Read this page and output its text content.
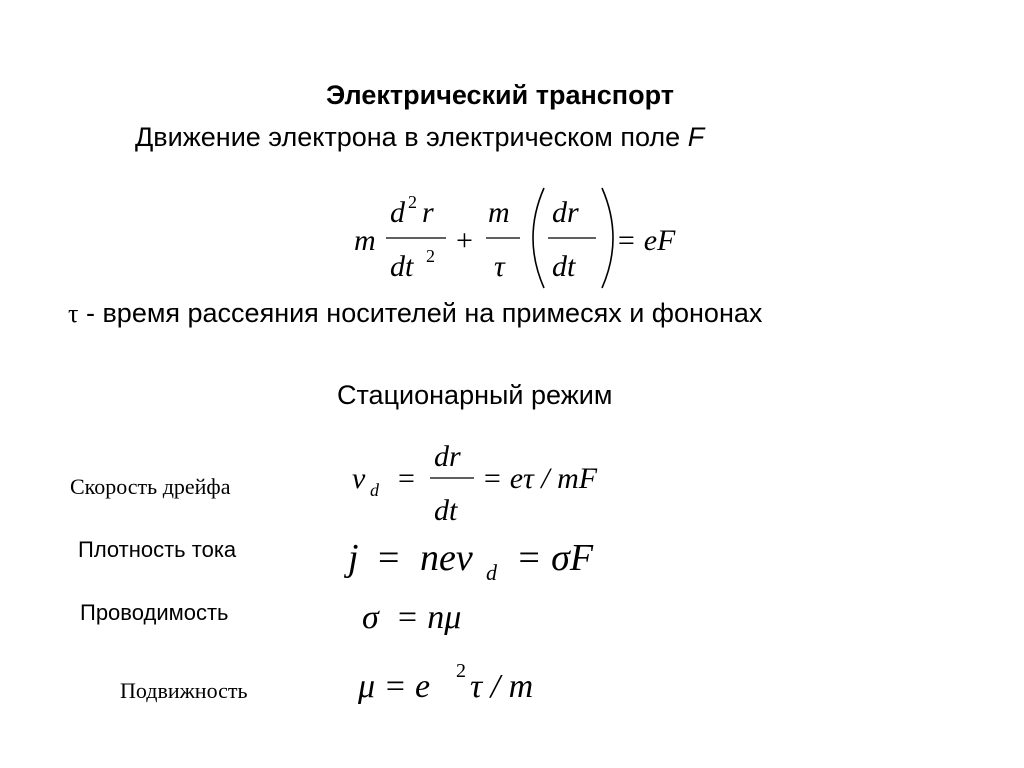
Электрический транспорт
Движение электрона в электрическом поле F
m
d 2 r
dt 2 +
m
τ
dr
dt
= eF
τ - время рассеяния носителей на примесях и фононах
Стационарный режим
Скорость дрейфа	v d =
dr
dt
= eτ / mF
Плотность тока	j = nev d = σF
Проводимость	σ  = nμ
Подвижность	μ = e 2 τ / m
